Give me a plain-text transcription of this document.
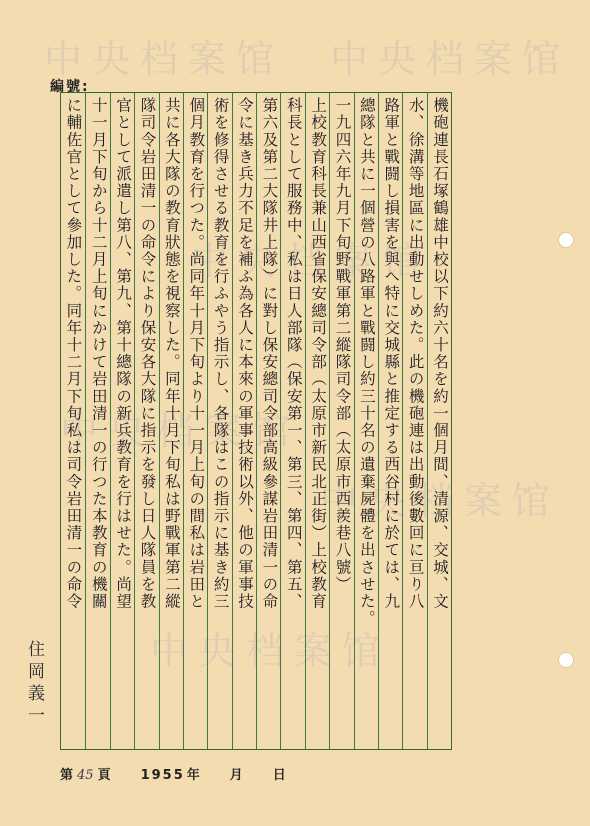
中央档案馆 中央档案馆
中央档案馆
中央档案馆
中央档案馆
中央档案馆
編號:
機砲連長石塚鶴雄中校以下約六十名を約一個月間、清源、交城、文
水、徐溝等地區に出動せしめた。此の機砲連は出動後數回に亘り八
路軍と戰闘し損害を與へ特に交城縣と推定する西谷村に於ては、九
總隊と共に一個營の八路軍と戰闘し約三十名の遺棄屍體を出させた。
一九四六年九月下旬野戰軍第二縱隊司令部（太原市西羨巷八號）
上校教育科長兼山西省保安總司令部（太原市新民北正街）上校教育
科長として服務中、私は日人部隊（保安第一、第三、第四、第五、
第六及第二大隊井上隊）に對し保安總司令部高級參謀岩田清一の命
令に基き兵力不足を補ふ為各人に本來の軍事技術以外、他の軍事技
術を修得させる教育を行ふやう指示し、各隊はこの指示に基き約三
個月教育を行つた。尚同年十月下旬より十一月上旬の間私は岩田と
共に各大隊の教育狀態を視察した。同年十月下旬私は野戰軍第二縱
隊司令岩田清一の命令により保安各大隊に指示を發し日人隊員を教
官として派遣し第八、第九、第十總隊の新兵教育を行はせた。尚望
十一月下旬から十二月上旬にかけて岩田清一の行つた本教育の機關
に輔佐官として參加した。同年十二月下旬私は司令岩田清一の命令
住岡義一
第 45 頁 1955 年 月 日
